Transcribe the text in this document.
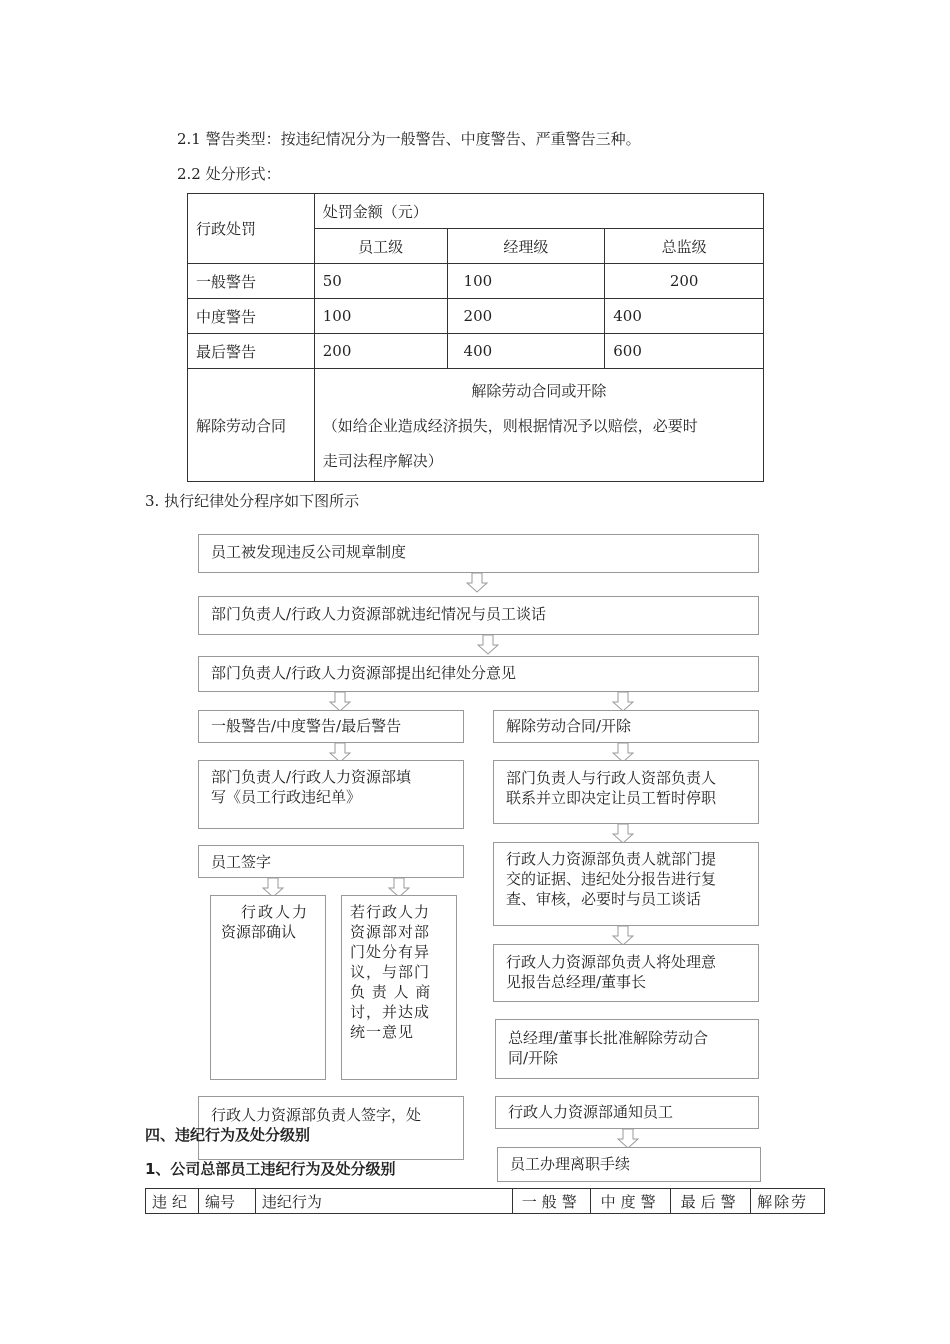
2.1 警告类型：按违纪情况分为一般警告、中度警告、严重警告三种。
2.2 处分形式：
行政处罚	处罚金额（元）		
	员工级	经理级	总监级
一般警告	50	100	200
中度警告	100	200	400
最后警告	200	400	600
解除劳动合同	解除劳动合同或开除
（如给企业造成经济损失，则根据情况予以赔偿，必要时
走司法程序解决）		
3. 执行纪律处分程序如下图所示
员工被发现违反公司规章制度
部门负责人/行政人力资源部就违纪情况与员工谈话
部门负责人/行政人力资源部提出纪律处分意见
一般警告/中度警告/最后警告
部门负责人/行政人力资源部填
写《员工行政违纪单》
员工签字
行政人力
资源部确认
若行政人力
资源部对部
门处分有异
议，与部门
负 责 人 商
讨，并达成
统一意见
行政人力资源部负责人签字，处
解除劳动合同/开除
部门负责人与行政人资部负责人
联系并立即决定让员工暂时停职
行政人力资源部负责人就部门提
交的证据、违纪处分报告进行复
查、审核，必要时与员工谈话
行政人力资源部负责人将处理意
见报告总经理/董事长
总经理/董事长批准解除劳动合
同/开除
行政人力资源部通知员工
员工办理离职手续
四、违纪行为及处分级别
1、公司总部员工违纪行为及处分级别
违纪	编号	违纪行为	一般警	中度警	最后警	解除劳
